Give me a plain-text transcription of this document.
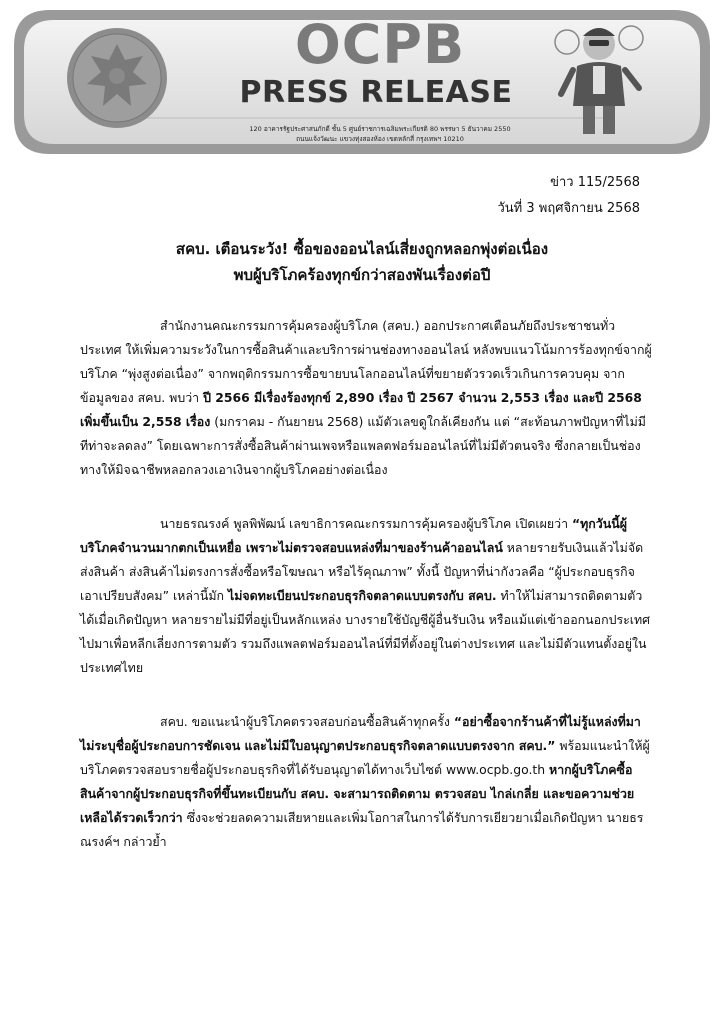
OCPB
PRESS RELEASE
120 อาคารรัฐประศาสนภักดี ชั้น 5 ศูนย์ราชการเฉลิมพระเกียรติ 80 พรรษา 5 ธันวาคม 2550
ถนนแจ้งวัฒนะ แขวงทุ่งสองห้อง เขตหลักสี่ กรุงเทพฯ 10210
ข่าว 115/2568
วันที่ 3 พฤศจิกายน 2568
สคบ. เตือนระวัง! ซื้อของออนไลน์เสี่ยงถูกหลอกพุ่งต่อเนื่อง
พบผู้บริโภคร้องทุกข์กว่าสองพันเรื่องต่อปี
สำนักงานคณะกรรมการคุ้มครองผู้บริโภค (สคบ.) ออกประกาศเตือนภัยถึงประชาชนทั่วประเทศ ให้เพิ่มความระวังในการซื้อสินค้าและบริการผ่านช่องทางออนไลน์ หลังพบแนวโน้มการร้องทุกข์จากผู้บริโภค “พุ่งสูงต่อเนื่อง” จากพฤติกรรมการซื้อขายบนโลกออนไลน์ที่ขยายตัวรวดเร็วเกินการควบคุม จากข้อมูลของ สคบ. พบว่า ปี 2566 มีเรื่องร้องทุกข์ 2,890 เรื่อง ปี 2567 จำนวน 2,553 เรื่อง และปี 2568 เพิ่มขึ้นเป็น 2,558 เรื่อง (มกราคม - กันยายน 2568) แม้ตัวเลขดูใกล้เคียงกัน แต่ “สะท้อนภาพปัญหาที่ไม่มีทีท่าจะลดลง” โดยเฉพาะการสั่งซื้อสินค้าผ่านเพจหรือแพลตฟอร์มออนไลน์ที่ไม่มีตัวตนจริง ซึ่งกลายเป็นช่องทางให้มิจฉาชีพหลอกลวงเอาเงินจากผู้บริโภคอย่างต่อเนื่อง
นายธรณรงค์ พูลพิพัฒน์ เลขาธิการคณะกรรมการคุ้มครองผู้บริโภค เปิดเผยว่า “ทุกวันนี้ผู้บริโภคจำนวนมากตกเป็นเหยื่อ เพราะไม่ตรวจสอบแหล่งที่มาของร้านค้าออนไลน์ หลายรายรับเงินแล้วไม่จัดส่งสินค้า ส่งสินค้าไม่ตรงการสั่งซื้อหรือโฆษณา หรือไร้คุณภาพ” ทั้งนี้ ปัญหาที่น่ากังวลคือ “ผู้ประกอบธุรกิจเอาเปรียบสังคม” เหล่านี้มัก ไม่จดทะเบียนประกอบธุรกิจตลาดแบบตรงกับ สคบ. ทำให้ไม่สามารถติดตามตัวได้เมื่อเกิดปัญหา หลายรายไม่มีที่อยู่เป็นหลักแหล่ง บางรายใช้บัญชีผู้อื่นรับเงิน หรือแม้แต่เข้าออกนอกประเทศไปมาเพื่อหลีกเลี่ยงการตามตัว รวมถึงแพลตฟอร์มออนไลน์ที่มีที่ตั้งอยู่ในต่างประเทศ และไม่มีตัวแทนตั้งอยู่ในประเทศไทย
สคบ. ขอแนะนำผู้บริโภคตรวจสอบก่อนซื้อสินค้าทุกครั้ง “อย่าซื้อจากร้านค้าที่ไม่รู้แหล่งที่มา ไม่ระบุชื่อผู้ประกอบการชัดเจน และไม่มีใบอนุญาตประกอบธุรกิจตลาดแบบตรงจาก สคบ.” พร้อมแนะนำให้ผู้บริโภคตรวจสอบรายชื่อผู้ประกอบธุรกิจที่ได้รับอนุญาตได้ทางเว็บไซต์ www.ocpb.go.th หากผู้บริโภคซื้อสินค้าจากผู้ประกอบธุรกิจที่ขึ้นทะเบียนกับ สคบ. จะสามารถติดตาม ตรวจสอบ ไกล่เกลี่ย และขอความช่วยเหลือได้รวดเร็วกว่า ซึ่งจะช่วยลดความเสียหายและเพิ่มโอกาสในการได้รับการเยียวยาเมื่อเกิดปัญหา นายธรณรงค์ฯ กล่าวย้ำ
